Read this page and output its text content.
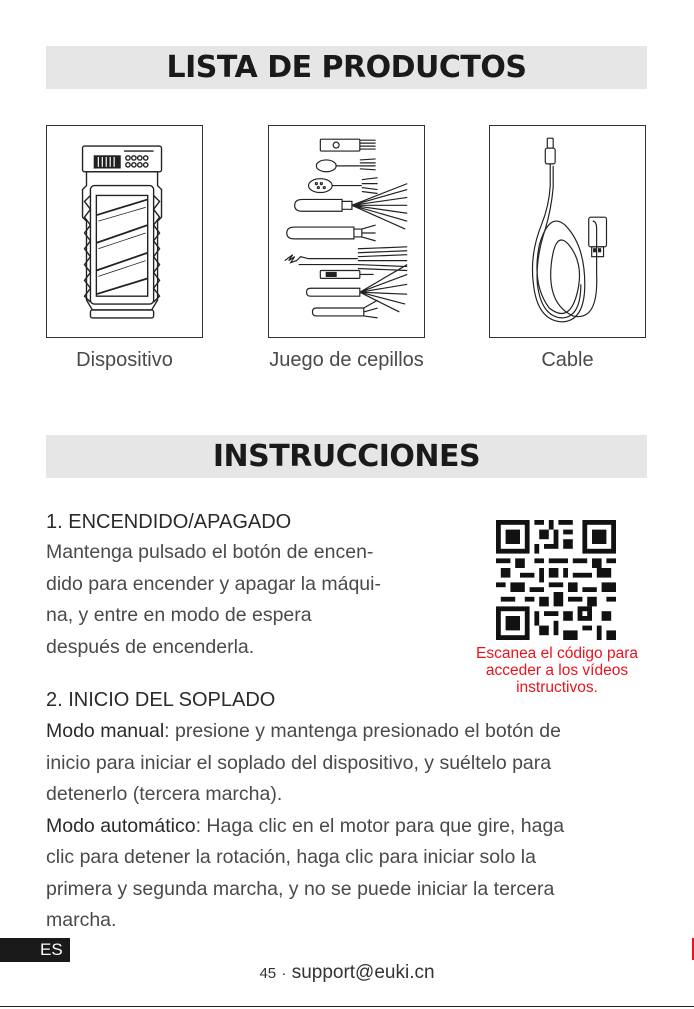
LISTA DE PRODUCTOS
Dispositivo	Juego de cepillos	Cable
INSTRUCCIONES
1. ENCENDIDO/APAGADO
Mantenga pulsado el botón de encen-
dido para encender y apagar la máqui-
na, y entre en modo de espera
después de encenderla.	Escanea el código para
acceder a los vídeos
instructivos.
2. INICIO DEL SOPLADO
Modo manual: presione y mantenga presionado el botón de
inicio para iniciar el soplado del dispositivo, y suéltelo para
detenerlo (tercera marcha).
Modo automático: Haga clic en el motor para que gire, haga
clic para detener la rotación, haga clic para iniciar solo la
primera y segunda marcha, y no se puede iniciar la tercera
marcha.
ES
45 · support@euki.cn
